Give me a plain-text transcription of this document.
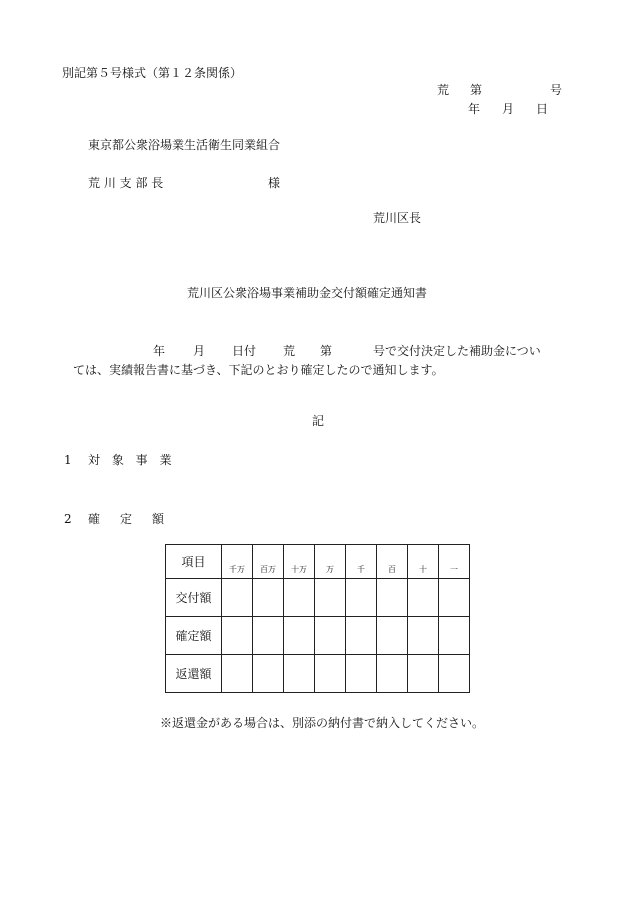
別記第５号様式（第１２条関係）
荒 第	号
年 月 日
東京都公衆浴場業生活衛生同業組合
荒 川 支 部 長	様
荒川区長
荒川区公衆浴場事業補助金交付額確定通知書
年 月 日付 荒 第	号で交付決定した補助金につい
ては、実績報告書に基づき、下記のとおり確定したので通知します。
記
1 対 象 事 業
2 確　定　額
項目	千万	百万	十万	万	千	百	十	一
交付額								
確定額								
返還額								
※返還金がある場合は、別添の納付書で納入してください。
